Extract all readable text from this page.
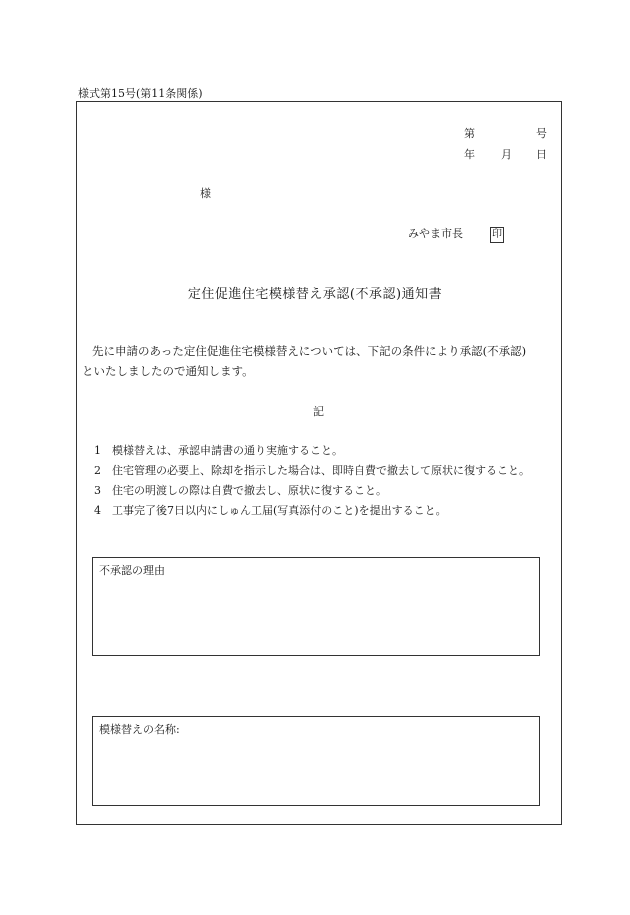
様式第15号(第11条関係)
第	号
年 月 日
様
みやま市長	印
定住促進住宅模様替え承認(不承認)通知書
先に申請のあった定住促進住宅模様替えについては、下記の条件により承認(不承認)
といたしましたので通知します。
記
1 模様替えは、承認申請書の通り実施すること。
2 住宅管理の必要上、除却を指示した場合は、即時自費で撤去して原状に復すること。
3 住宅の明渡しの際は自費で撤去し、原状に復すること。
4 工事完了後7日以内にしゅん工届(写真添付のこと)を提出すること。
不承認の理由
模様替えの名称:
